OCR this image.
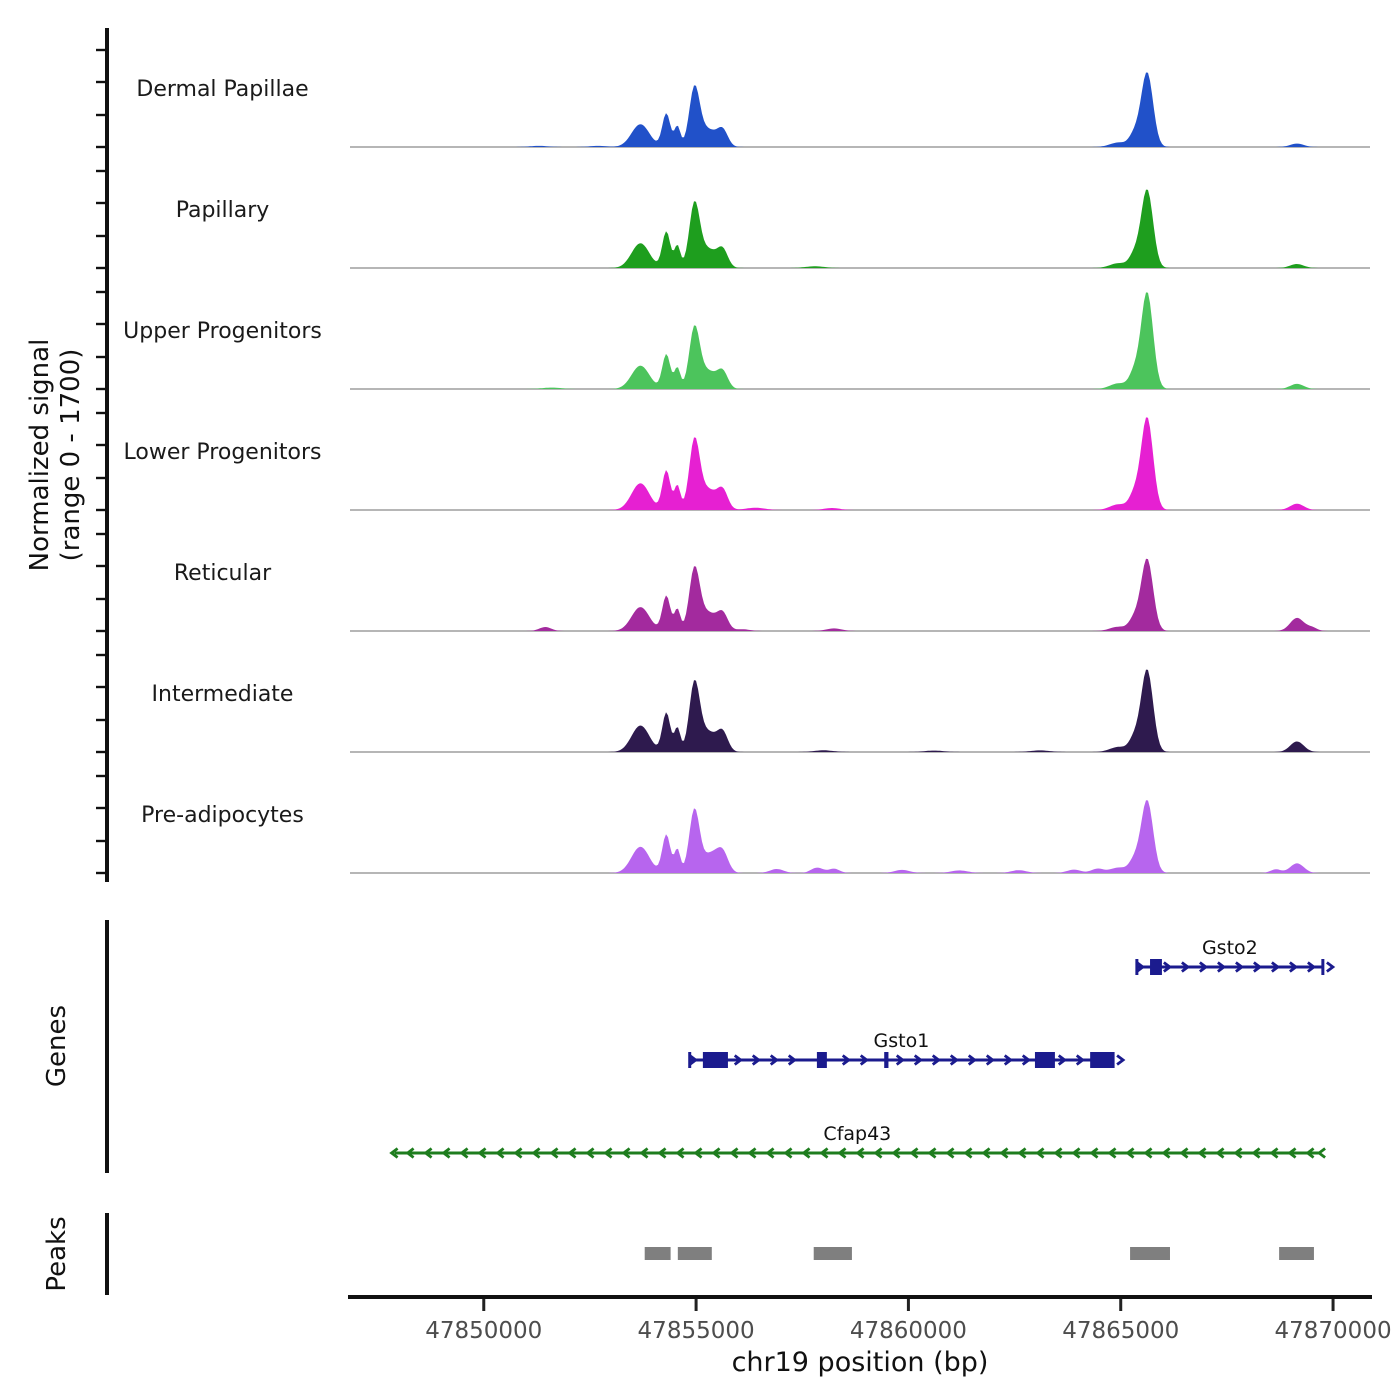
Gsto2
Gsto1
Cfap43
47850000	47855000	47860000	47865000	47870000
Normalized signal (range 0 - 1700)
Dermal Papillae
Papillary
Upper Progenitors
Lower Progenitors
Reticular
Intermediate
Pre-adipocytes
Genes
Peaks
chr19 position (bp)
